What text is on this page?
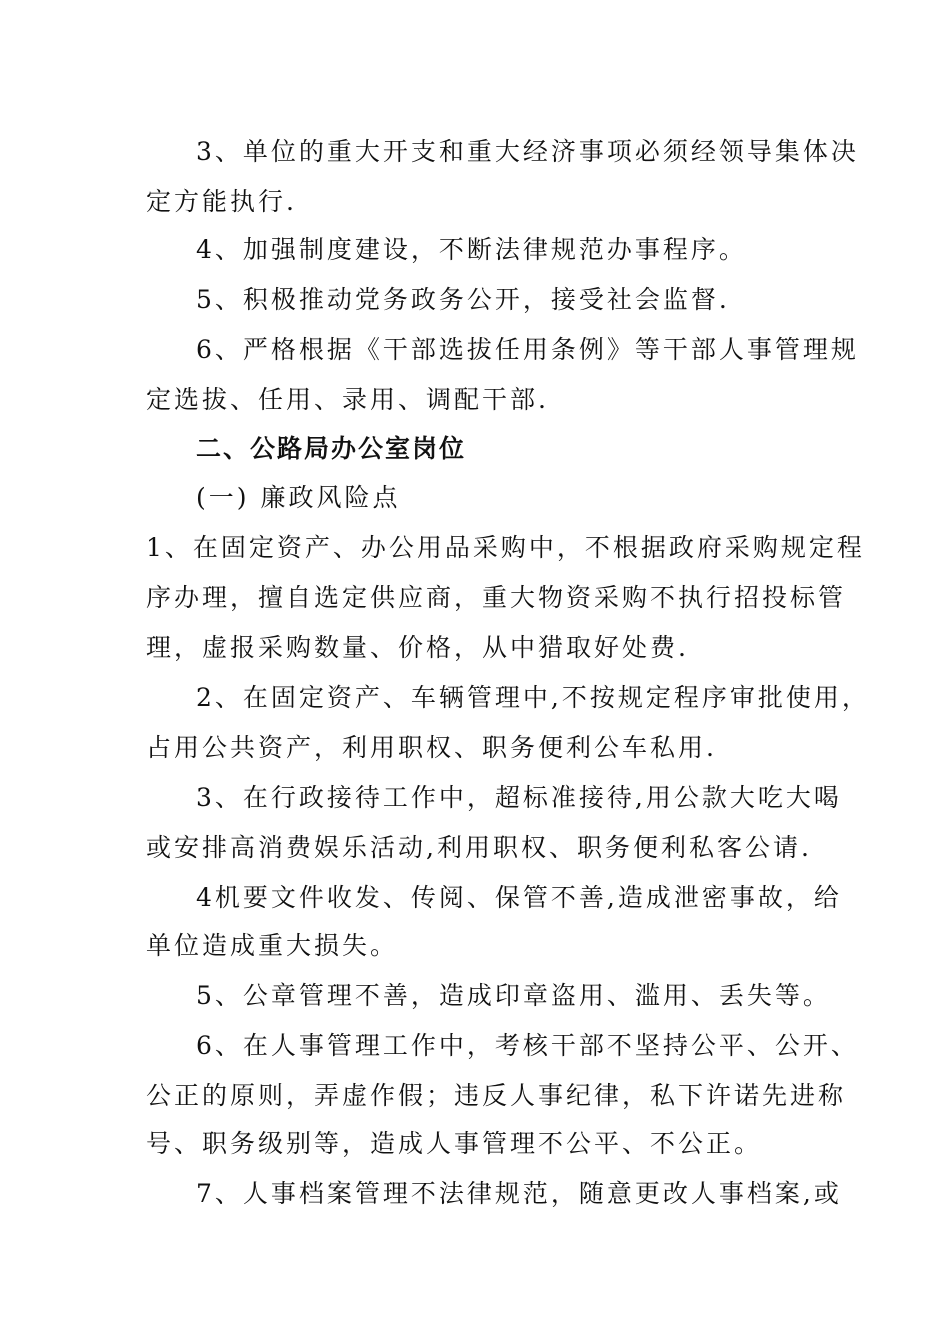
3、单位的重大开支和重大经济事项必须经领导集体决
定方能执行.
4、加强制度建设，不断法律规范办事程序。
5、积极推动党务政务公开，接受社会监督.
6、严格根据《干部选拔任用条例》等干部人事管理规
定选拔、任用、录用、调配干部.
二、公路局办公室岗位
(一) 廉政风险点
1、在固定资产、办公用品采购中，不根据政府采购规定程
序办理，擅自选定供应商，重大物资采购不执行招投标管
理，虚报采购数量、价格，从中猎取好处费.
2、在固定资产、车辆管理中,不按规定程序审批使用，
占用公共资产，利用职权、职务便利公车私用.
3、在行政接待工作中，超标准接待,用公款大吃大喝
或安排高消费娱乐活动,利用职权、职务便利私客公请.
4机要文件收发、传阅、保管不善,造成泄密事故，给
单位造成重大损失。
5、公章管理不善，造成印章盗用、滥用、丢失等。
6、在人事管理工作中，考核干部不坚持公平、公开、
公正的原则，弄虚作假；违反人事纪律，私下许诺先进称
号、职务级别等，造成人事管理不公平、不公正。
7、人事档案管理不法律规范，随意更改人事档案,或
